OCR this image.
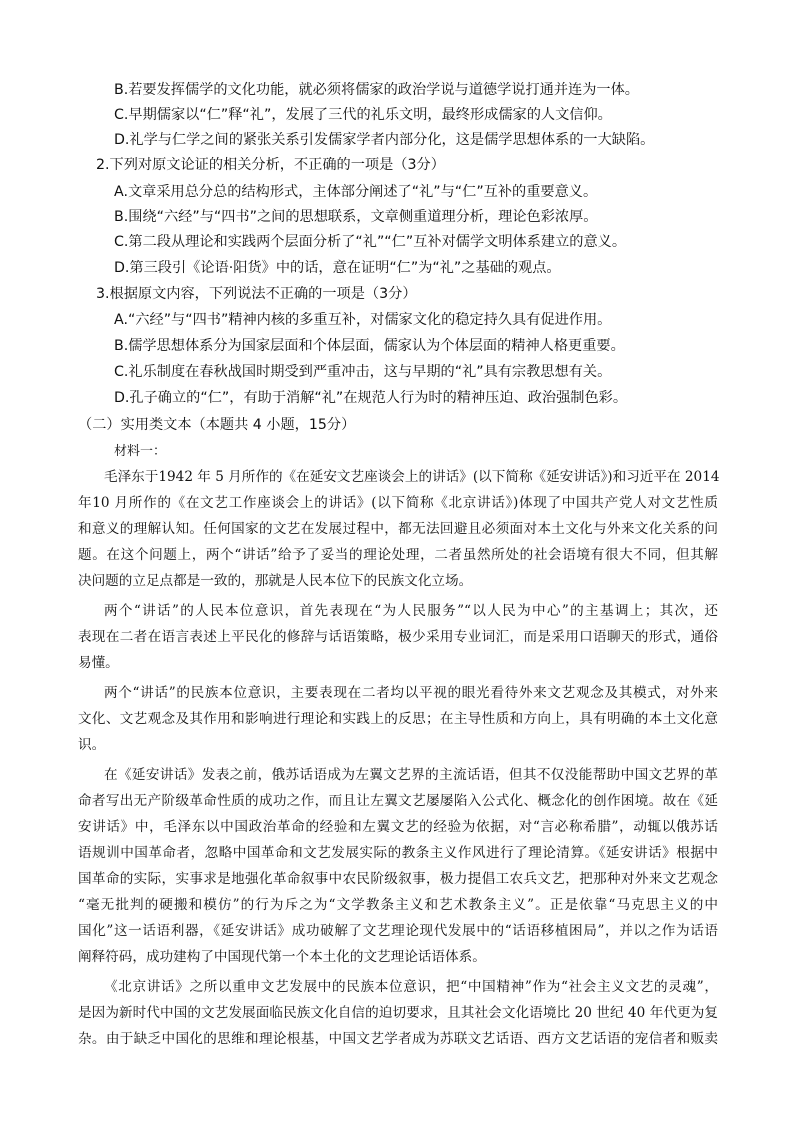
B.若要发挥儒学的文化功能，就必须将儒家的政治学说与道德学说打通并连为一体。
C.早期儒家以“仁”释“礼”，发展了三代的礼乐文明，最终形成儒家的人文信仰。
D.礼学与仁学之间的紧张关系引发儒家学者内部分化，这是儒学思想体系的一大缺陷。
2.下列对原文论证的相关分析，不正确的一项是（3分）
A.文章采用总分总的结构形式，主体部分阐述了“礼”与“仁”互补的重要意义。
B.围绕“六经”与“四书”之间的思想联系，文章侧重道理分析，理论色彩浓厚。
C.第二段从理论和实践两个层面分析了“礼”“仁”互补对儒学文明体系建立的意义。
D.第三段引《论语·阳货》中的话，意在证明“仁”为“礼”之基础的观点。
3.根据原文内容，下列说法不正确的一项是（3分）
A.“六经”与“四书”精神内核的多重互补，对儒家文化的稳定持久具有促进作用。
B.儒学思想体系分为国家层面和个体层面，儒家认为个体层面的精神人格更重要。
C.礼乐制度在春秋战国时期受到严重冲击，这与早期的“礼”具有宗教思想有关。
D.孔子确立的“仁”，有助于消解“礼”在规范人行为时的精神压迫、政治强制色彩。
（二）实用类文本（本题共 4 小题，15分）
材料一：
毛泽东于1942 年 5 月所作的《在延安文艺座谈会上的讲话》(以下简称《延安讲话》)和习近平在 2014
年10 月所作的《在文艺工作座谈会上的讲话》(以下简称《北京讲话》)体现了中国共产党人对文艺性质
和意义的理解认知。任何国家的文艺在发展过程中，都无法回避且必须面对本土文化与外来文化关系的问
题。在这个问题上，两个“讲话”给予了妥当的理论处理，二者虽然所处的社会语境有很大不同，但其解
决问题的立足点都是一致的，那就是人民本位下的民族文化立场。
两个“讲话”的人民本位意识，首先表现在“为人民服务”“以人民为中心”的主基调上；其次，还
表现在二者在语言表述上平民化的修辞与话语策略，极少采用专业词汇，而是采用口语聊天的形式，通俗
易懂。
两个“讲话”的民族本位意识，主要表现在二者均以平视的眼光看待外来文艺观念及其模式，对外来
文化、文艺观念及其作用和影响进行理论和实践上的反思；在主导性质和方向上，具有明确的本土文化意
识。
在《延安讲话》发表之前，俄苏话语成为左翼文艺界的主流话语，但其不仅没能帮助中国文艺界的革
命者写出无产阶级革命性质的成功之作，而且让左翼文艺屡屡陷入公式化、概念化的创作困境。故在《延
安讲话》中，毛泽东以中国政治革命的经验和左翼文艺的经验为依据，对“言必称希腊”，动辄以俄苏话
语规训中国革命者，忽略中国革命和文艺发展实际的教条主义作风进行了理论清算。《延安讲话》根据中
国革命的实际，实事求是地强化革命叙事中农民阶级叙事，极力提倡工农兵文艺，把那种对外来文艺观念
“毫无批判的硬搬和模仿”的行为斥之为“文学教条主义和艺术教条主义”。正是依靠“马克思主义的中
国化”这一话语利器，《延安讲话》成功破解了文艺理论现代发展中的“话语移植困局”，并以之作为话语
阐释符码，成功建构了中国现代第一个本土化的文艺理论话语体系。
《北京讲话》之所以重申文艺发展中的民族本位意识，把“中国精神”作为“社会主义文艺的灵魂”，
是因为新时代中国的文艺发展面临民族文化自信的迫切要求，且其社会文化语境比 20 世纪 40 年代更为复
杂。由于缺乏中国化的思维和理论根基，中国文艺学者成为苏联文艺话语、西方文艺话语的宠信者和贩卖
